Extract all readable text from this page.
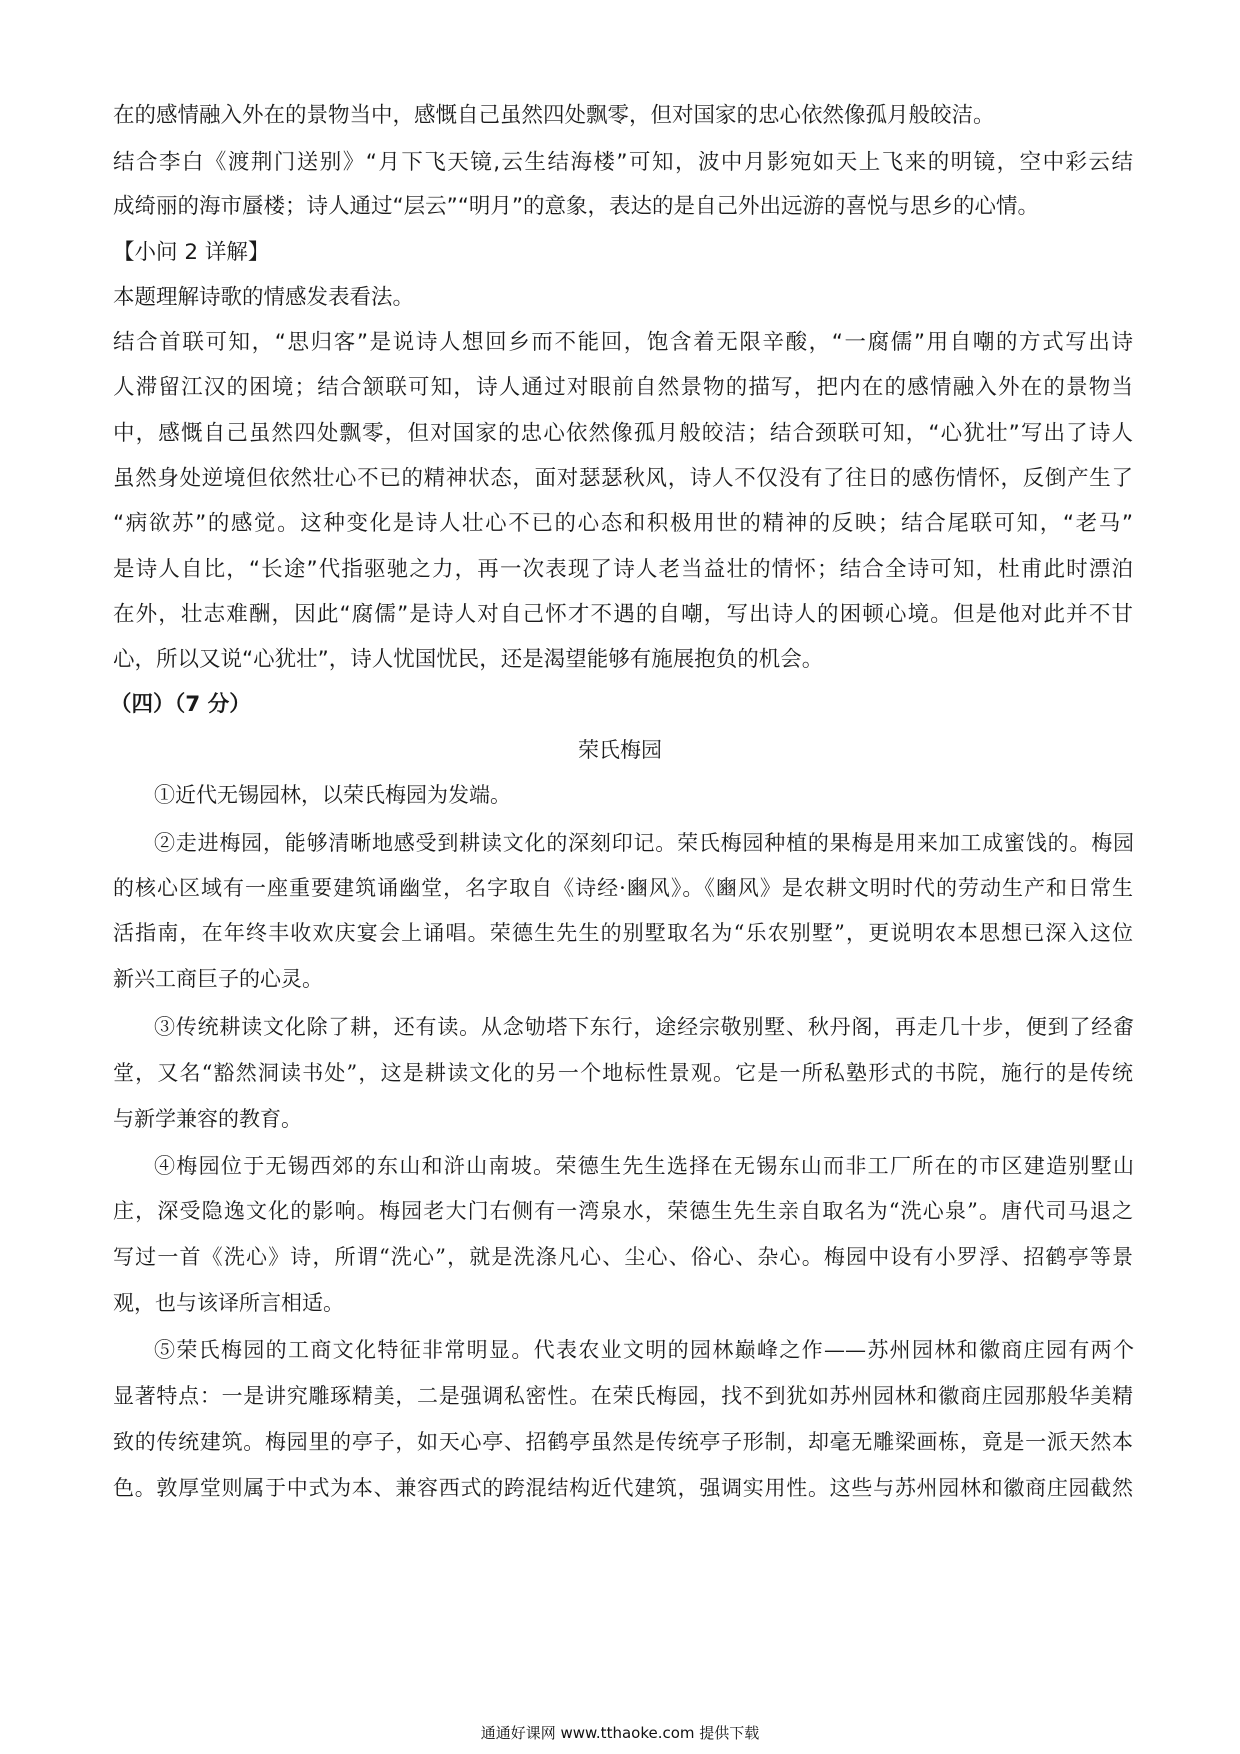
在的感情融入外在的景物当中，感慨自己虽然四处飘零，但对国家的忠心依然像孤月般皎洁。
结合李白《渡荆门送别》“月下飞天镜,云生结海楼”可知，波中月影宛如天上飞来的明镜，空中彩云结
成绮丽的海市蜃楼；诗人通过“层云”“明月”的意象，表达的是自己外出远游的喜悦与思乡的心情。
【小问 2 详解】
本题理解诗歌的情感发表看法。
结合首联可知，“思归客”是说诗人想回乡而不能回，饱含着无限辛酸，“一腐儒”用自嘲的方式写出诗
人滞留江汉的困境；结合颔联可知，诗人通过对眼前自然景物的描写，把内在的感情融入外在的景物当
中，感慨自己虽然四处飘零，但对国家的忠心依然像孤月般皎洁；结合颈联可知，“心犹壮”写出了诗人
虽然身处逆境但依然壮心不已的精神状态，面对瑟瑟秋风，诗人不仅没有了往日的感伤情怀，反倒产生了
“病欲苏”的感觉。这种变化是诗人壮心不已的心态和积极用世的精神的反映；结合尾联可知，“老马”
是诗人自比，“长途”代指驱驰之力，再一次表现了诗人老当益壮的情怀；结合全诗可知，杜甫此时漂泊
在外，壮志难酬，因此“腐儒”是诗人对自己怀才不遇的自嘲，写出诗人的困顿心境。但是他对此并不甘
心，所以又说“心犹壮”，诗人忧国忧民，还是渴望能够有施展抱负的机会。
（四）（7 分）
荣氏梅园
①近代无锡园林，以荣氏梅园为发端。
②走进梅园，能够清晰地感受到耕读文化的深刻印记。荣氏梅园种植的果梅是用来加工成蜜饯的。梅园
的核心区域有一座重要建筑诵幽堂，名字取自《诗经·豳风》。《豳风》是农耕文明时代的劳动生产和日常生
活指南，在年终丰收欢庆宴会上诵唱。荣德生先生的别墅取名为“乐农别墅”，更说明农本思想已深入这位
新兴工商巨子的心灵。
③传统耕读文化除了耕，还有读。从念劬塔下东行，途经宗敬别墅、秋丹阁，再走几十步，便到了经畬
堂，又名“豁然洞读书处”，这是耕读文化的另一个地标性景观。它是一所私塾形式的书院，施行的是传统
与新学兼容的教育。
④梅园位于无锡西郊的东山和浒山南坡。荣德生先生选择在无锡东山而非工厂所在的市区建造别墅山
庄，深受隐逸文化的影响。梅园老大门右侧有一湾泉水，荣德生先生亲自取名为“洗心泉”。唐代司马退之
写过一首《洗心》诗，所谓“洗心”，就是洗涤凡心、尘心、俗心、杂心。梅园中设有小罗浮、招鹤亭等景
观，也与该译所言相适。
⑤荣氏梅园的工商文化特征非常明显。代表农业文明的园林巅峰之作——苏州园林和徽商庄园有两个
显著特点：一是讲究雕琢精美，二是强调私密性。在荣氏梅园，找不到犹如苏州园林和徽商庄园那般华美精
致的传统建筑。梅园里的亭子，如天心亭、招鹤亭虽然是传统亭子形制，却毫无雕梁画栋，竟是一派天然本
色。敦厚堂则属于中式为本、兼容西式的跨混结构近代建筑，强调实用性。这些与苏州园林和徽商庄园截然
通通好课网 www.tthaoke.com 提供下载
